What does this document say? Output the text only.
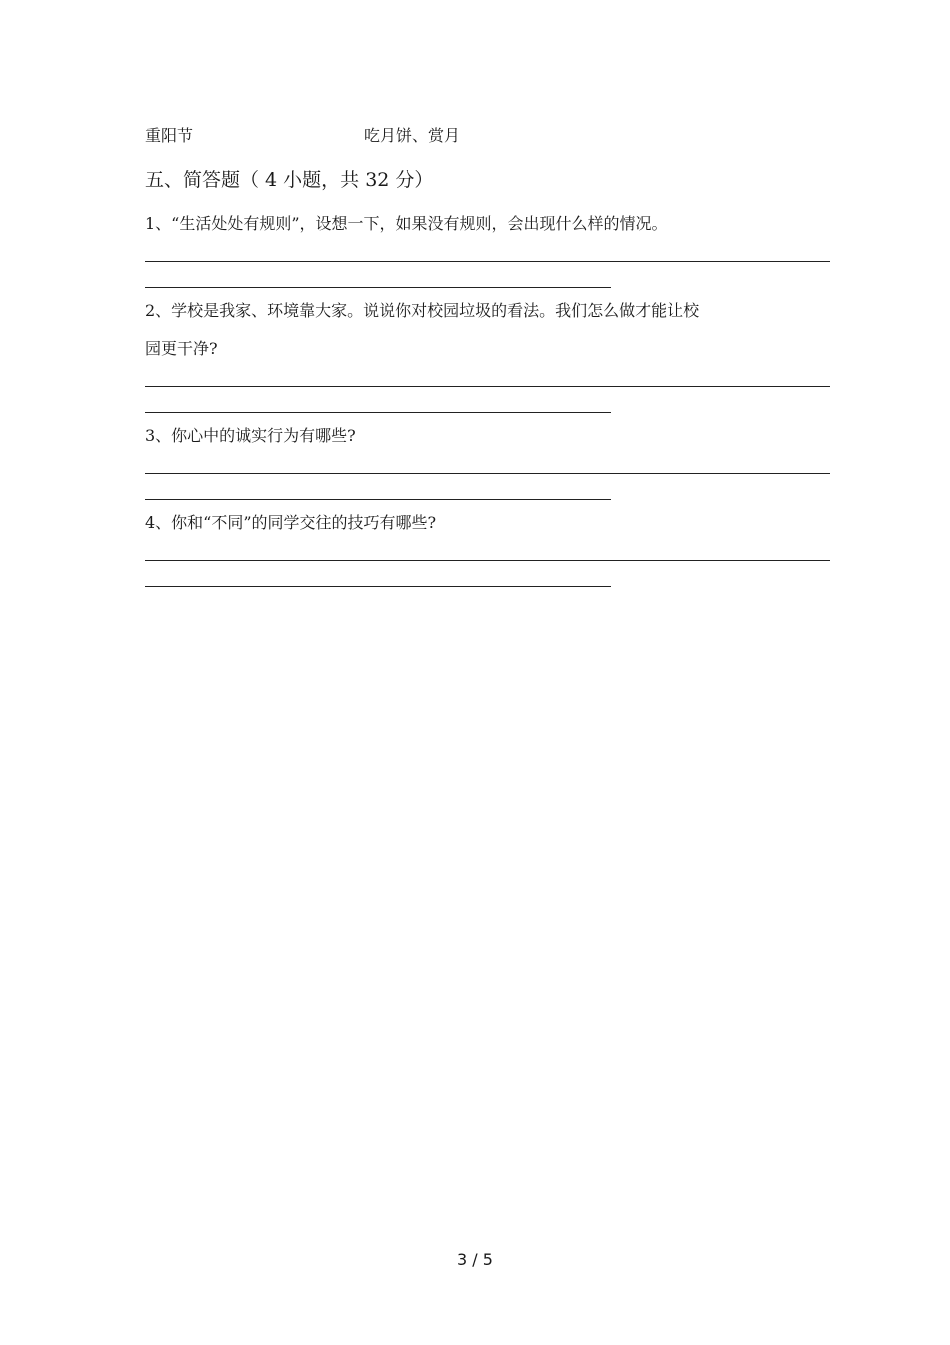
重阳节	吃月饼、赏月
五、简答题（ 4 小题，共 32 分）
1、“生活处处有规则”，设想一下，如果没有规则，会出现什么样的情况。
2、学校是我家、环境靠大家。说说你对校园垃圾的看法。我们怎么做才能让校
园更干净?
3、你心中的诚实行为有哪些?
4、你和“不同”的同学交往的技巧有哪些?
3 / 5
